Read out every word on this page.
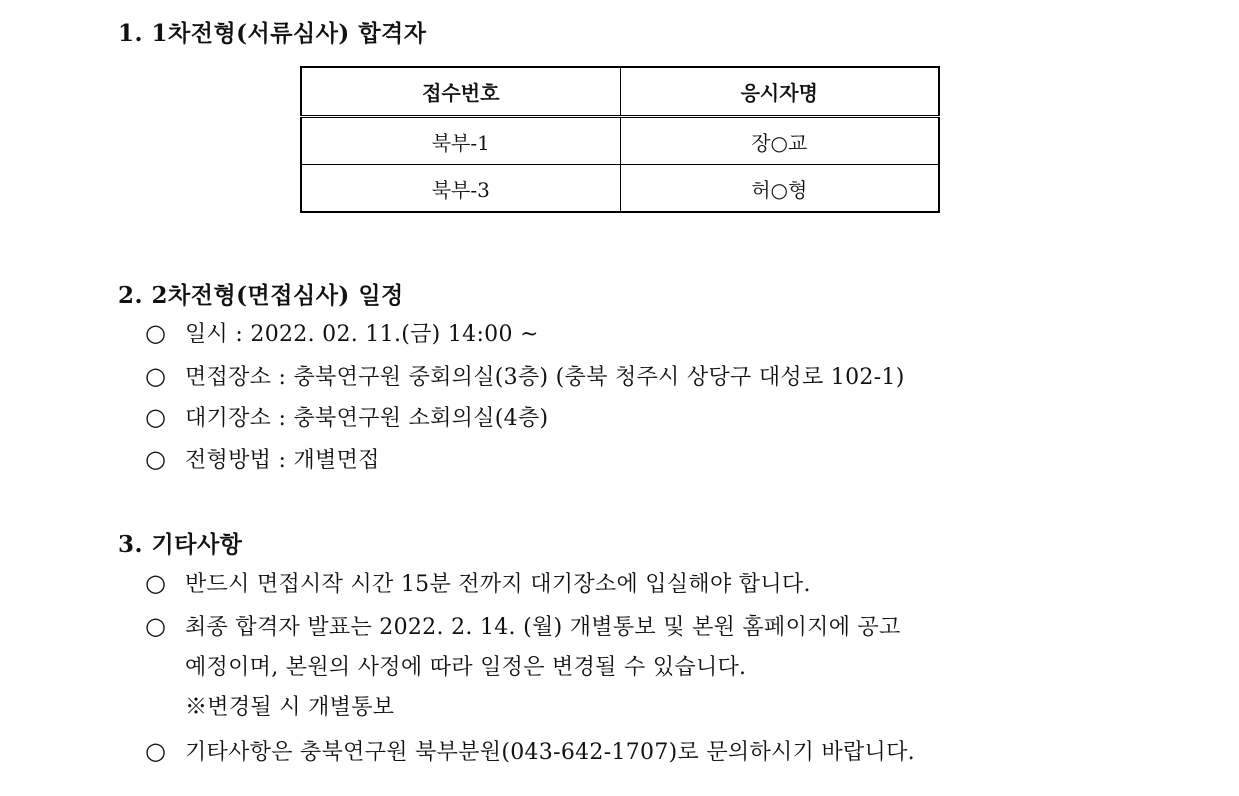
1. 1차전형(서류심사) 합격자
접수번호	응시자명
북부-1	장○교
북부-3	허○형
2. 2차전형(면접심사) 일정
○ 일시 : 2022. 02. 11.(금) 14:00 ~
○ 면접장소 : 충북연구원 중회의실(3층) (충북 청주시 상당구 대성로 102-1)
○ 대기장소 : 충북연구원 소회의실(4층)
○ 전형방법 : 개별면접
3. 기타사항
○ 반드시 면접시작 시간 15분 전까지 대기장소에 입실해야 합니다.
○ 최종 합격자 발표는 2022. 2. 14. (월) 개별통보 및 본원 홈페이지에 공고
예정이며, 본원의 사정에 따라 일정은 변경될 수 있습니다.
※변경될 시 개별통보
○ 기타사항은 충북연구원 북부분원(043-642-1707)로 문의하시기 바랍니다.
